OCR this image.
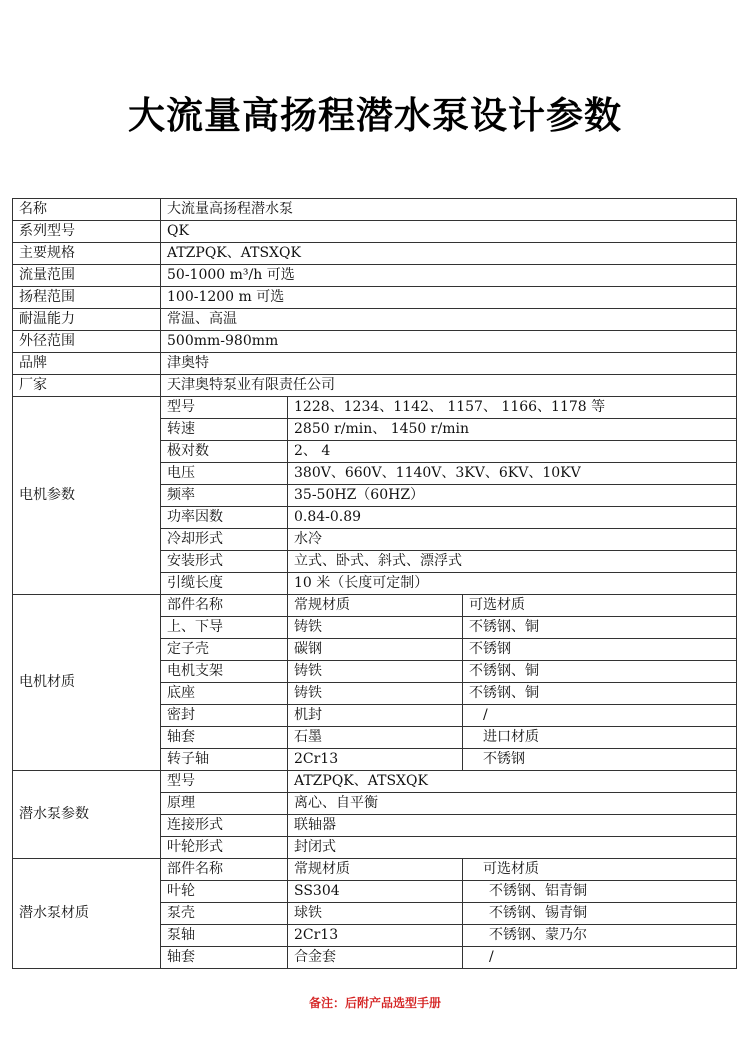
大流量高扬程潜水泵设计参数
名称	大流量高扬程潜水泵		
系列型号	QK		
主要规格	ATZPQK、ATSXQK		
流量范围	50-1000 m³/h 可选		
扬程范围	100-1200 m 可选		
耐温能力	常温、高温		
外径范围	500mm-980mm		
品牌	津奥特		
厂家	天津奥特泵业有限责任公司		
电机参数	型号	1228、1234、1142、 1157、 1166、1178 等	
	转速	2850 r/min、 1450 r/min	
	极对数	2、 4	
	电压	380V、660V、1140V、3KV、6KV、10KV	
	频率	35-50HZ（60HZ）	
	功率因数	0.84-0.89	
	冷却形式	水冷	
	安装形式	立式、卧式、斜式、漂浮式	
	引缆长度	10 米（长度可定制）	
电机材质	部件名称	常规材质	可选材质
	上、下导	铸铁	不锈钢、铜
	定子壳	碳钢	不锈钢
	电机支架	铸铁	不锈钢、铜
	底座	铸铁	不锈钢、铜
	密封	机封	/
	轴套	石墨	进口材质
	转子轴	2Cr13	不锈钢
潜水泵参数	型号	ATZPQK、ATSXQK	
	原理	离心、自平衡	
	连接形式	联轴器	
	叶轮形式	封闭式	
潜水泵材质	部件名称	常规材质	可选材质
	叶轮	SS304	不锈钢、铝青铜
	泵壳	球铁	不锈钢、锡青铜
	泵轴	2Cr13	不锈钢、蒙乃尔
	轴套	合金套	/
备注：后附产品选型手册
